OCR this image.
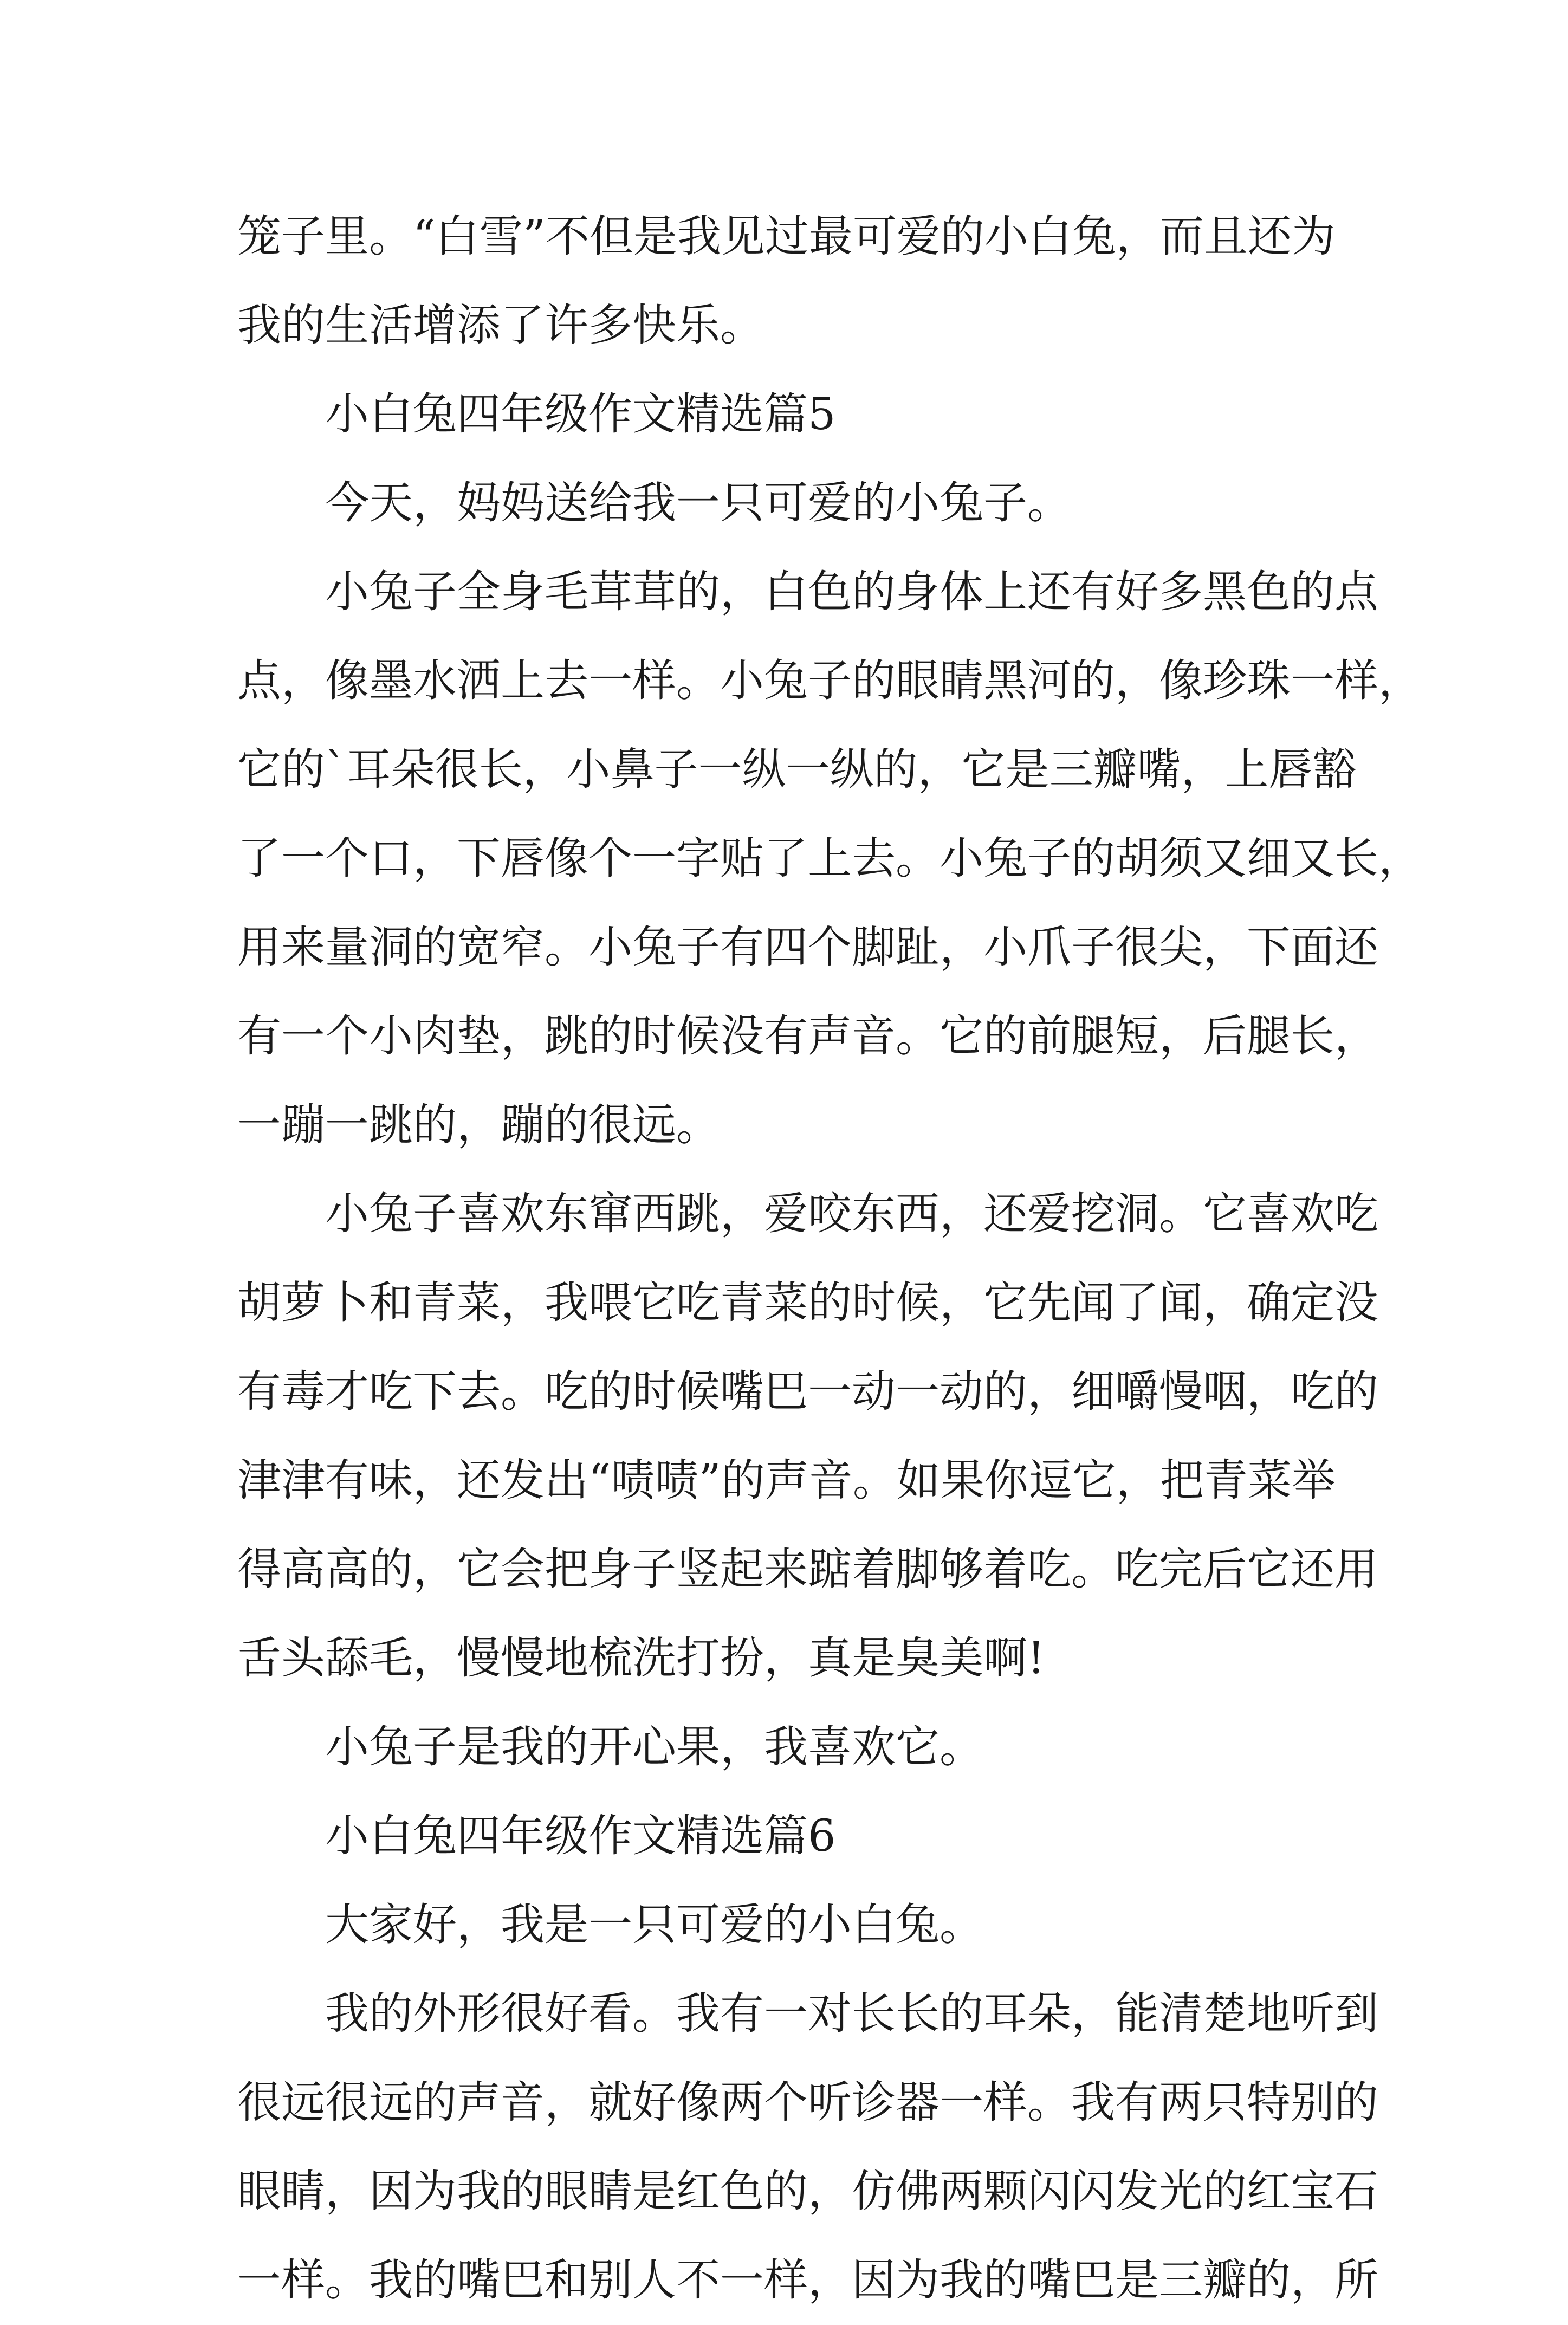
笼子里。“白雪”不但是我见过最可爱的小白兔，而且还为
我的生活增添了许多快乐。
小白兔四年级作文精选篇5
今天，妈妈送给我一只可爱的小兔子。
小兔子全身毛茸茸的，白色的身体上还有好多黑色的点
点，像墨水洒上去一样。小兔子的眼睛黑河的，像珍珠一样，
它的`耳朵很长，小鼻子一纵一纵的，它是三瓣嘴，上唇豁
了一个口，下唇像个一字贴了上去。小兔子的胡须又细又长，
用来量洞的宽窄。小兔子有四个脚趾，小爪子很尖，下面还
有一个小肉垫，跳的时候没有声音。它的前腿短，后腿长，
一蹦一跳的，蹦的很远。
小兔子喜欢东窜西跳，爱咬东西，还爱挖洞。它喜欢吃
胡萝卜和青菜，我喂它吃青菜的时候，它先闻了闻，确定没
有毒才吃下去。吃的时候嘴巴一动一动的，细嚼慢咽，吃的
津津有味，还发出“啧啧”的声音。如果你逗它，把青菜举
得高高的，它会把身子竖起来踮着脚够着吃。吃完后它还用
舌头舔毛，慢慢地梳洗打扮，真是臭美啊!
小兔子是我的开心果，我喜欢它。
小白兔四年级作文精选篇6
大家好，我是一只可爱的小白兔。
我的外形很好看。我有一对长长的耳朵，能清楚地听到
很远很远的声音，就好像两个听诊器一样。我有两只特别的
眼睛，因为我的眼睛是红色的，仿佛两颗闪闪发光的红宝石
一样。我的嘴巴和别人不一样，因为我的嘴巴是三瓣的，所
